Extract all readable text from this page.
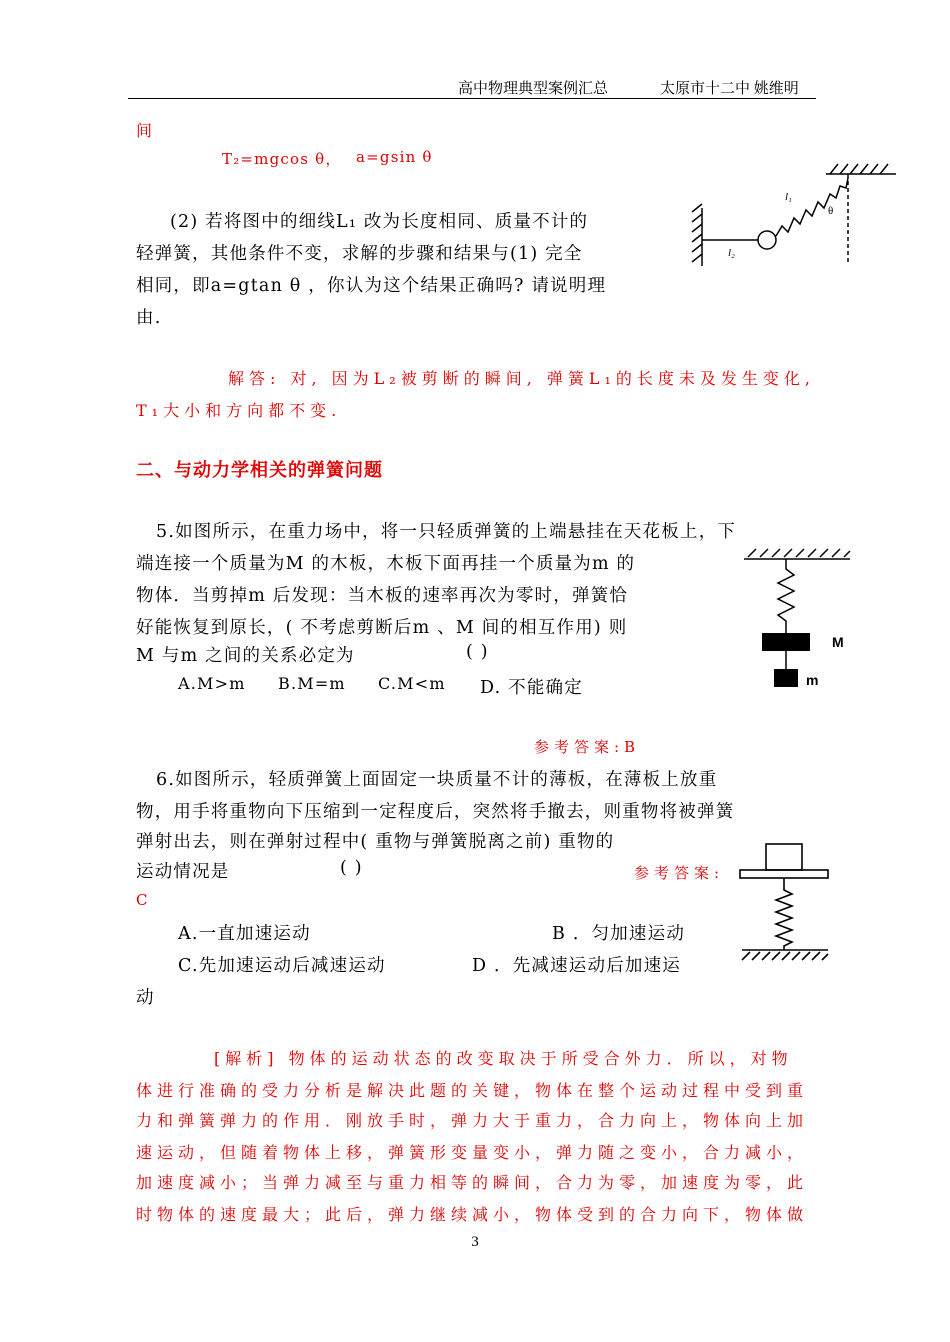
高中物理典型案例汇总	太原市十二中 姚维明
间
T₂=mgcos θ， a=gsin θ
(2) 若将图中的细线L₁ 改为长度相同、质量不计的
轻弹簧，其他条件不变，求解的步骤和结果与(1) 完全
相同，即a=gtan θ ，你认为这个结果正确吗? 请说明理
由.
l₁
l₂
θ
解答: 对, 因为L₂被剪断的瞬间, 弹簧L₁的长度未及发生变化,
T₁大小和方向都不变.
二、与动力学相关的弹簧问题
5.如图所示，在重力场中，将一只轻质弹簧的上端悬挂在天花板上，下
端连接一个质量为M 的木板，木板下面再挂一个质量为m 的
物体．当剪掉m 后发现：当木板的速率再次为零时，弹簧恰
好能恢复到原长，( 不考虑剪断后m 、M 间的相互作用) 则
M 与m 之间的关系必定为	( )
A.M>m B.M=m C.M<m D. 不能确定
M
m
参考答案:B
6.如图所示，轻质弹簧上面固定一块质量不计的薄板，在薄板上放重
物，用手将重物向下压缩到一定程度后，突然将手撤去，则重物将被弹簧
弹射出去，则在弹射过程中( 重物与弹簧脱离之前) 重物的
运动情况是	( )	参考答案:
C
A.一直加速运动	B ．匀加速运动
C.先加速运动后减速运动	D ．先减速运动后加速运
动
[解析] 物体的运动状态的改变取决于所受合外力．所以，对物
体进行准确的受力分析是解决此题的关键，物体在整个运动过程中受到重
力和弹簧弹力的作用．刚放手时，弹力大于重力，合力向上，物体向上加
速运动，但随着物体上移，弹簧形变量变小，弹力随之变小，合力减小，
加速度减小；当弹力减至与重力相等的瞬间，合力为零，加速度为零，此
时物体的速度最大；此后，弹力继续减小，物体受到的合力向下，物体做
3
